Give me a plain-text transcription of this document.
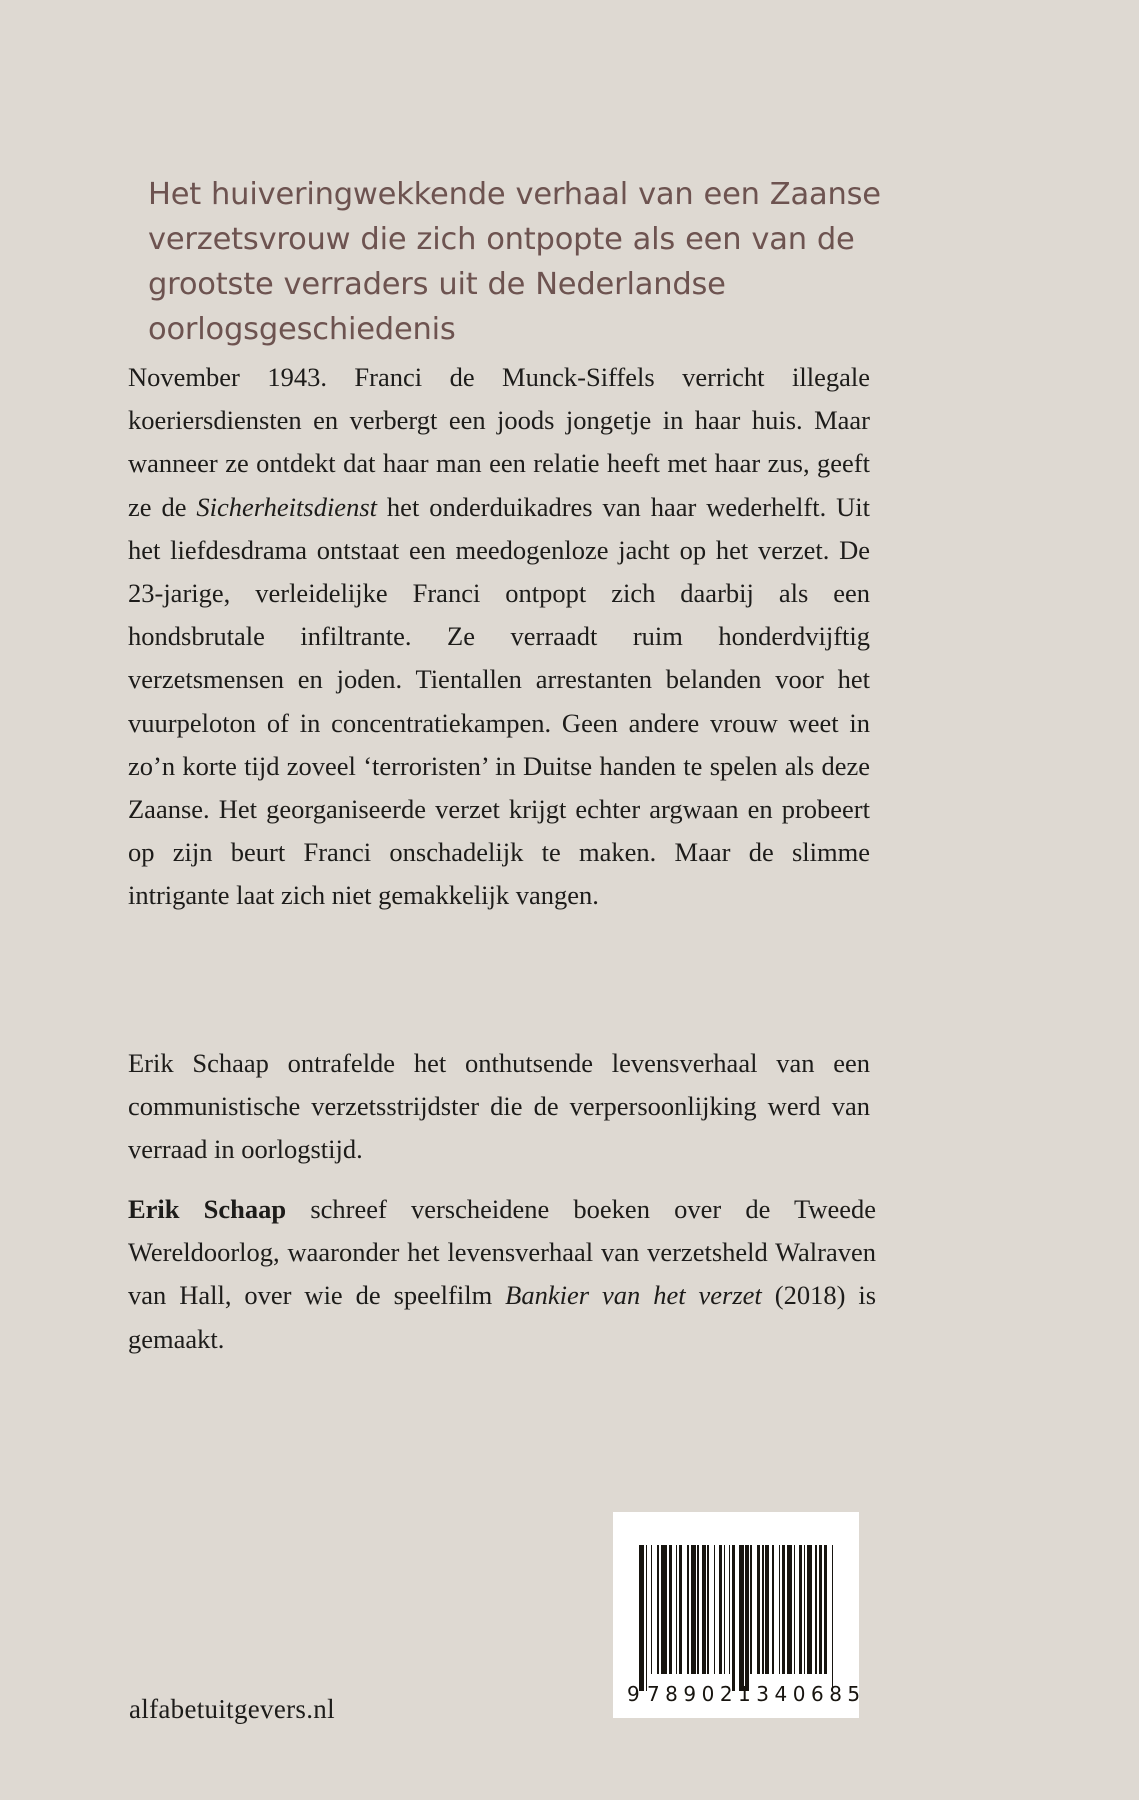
Het huiveringwekkende verhaal van een Zaanse verzetsvrouw die zich ontpopte als een van de grootste verraders uit de Nederlandse oorlogsgeschiedenis

November 1943. Franci de Munck-Siffels verricht illegale koeriersdiensten en verbergt een joods jongetje in haar huis. Maar wanneer ze ontdekt dat haar man een relatie heeft met haar zus, geeft ze de Sicherheitsdienst het onderduikadres van haar wederhelft. Uit het liefdesdrama ontstaat een meedogenloze jacht op het verzet. De 23-jarige, verleidelijke Franci ontpopt zich daarbij als een hondsbrutale infiltrante. Ze verraadt ruim honderdvijftig verzetsmensen en joden. Tientallen arrestanten belanden voor het vuurpeloton of in concentratiekampen. Geen andere vrouw weet in zo’n korte tijd zoveel ‘terroristen’ in Duitse handen te spelen als deze Zaanse. Het georganiseerde verzet krijgt echter argwaan en probeert op zijn beurt Franci onschadelijk te maken. Maar de slimme intrigante laat zich niet gemakkelijk vangen.

Erik Schaap ontrafelde het onthutsende levensverhaal van een communistische verzetsstrijdster die de verpersoonlijking werd van verraad in oorlogstijd.

Erik Schaap schreef verscheidene boeken over de Tweede Wereldoorlog, waaronder het levensverhaal van verzetsheld Walraven van Hall, over wie de speelfilm Bankier van het verzet (2018) is gemaakt.

alfabetuitgevers.nl	9 789021 340685
